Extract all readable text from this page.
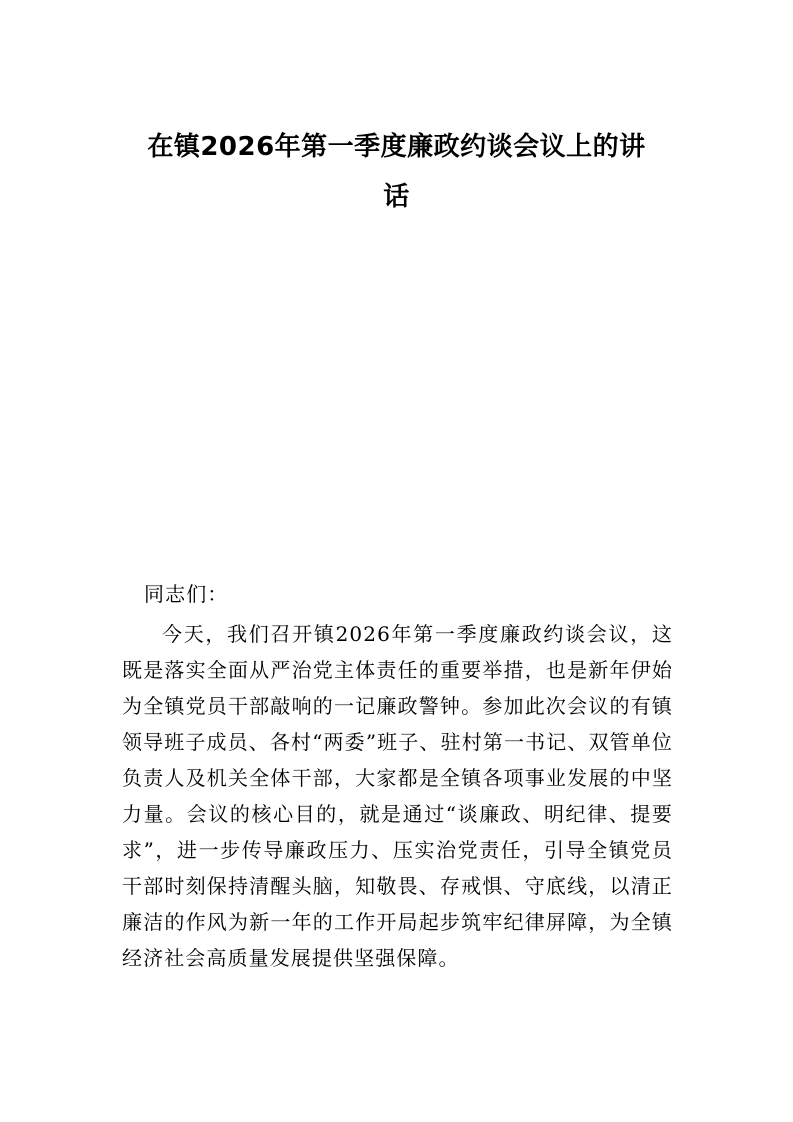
在镇2026年第一季度廉政约谈会议上的讲
话
同志们：

今天，我们召开镇2026年第一季度廉政约谈会议，这既是落实全面从严治党主体责任的重要举措，也是新年伊始为全镇党员干部敲响的一记廉政警钟。参加此次会议的有镇领导班子成员、各村“两委”班子、驻村第一书记、双管单位负责人及机关全体干部，大家都是全镇各项事业发展的中坚力量。会议的核心目的，就是通过“谈廉政、明纪律、提要求”，进一步传导廉政压力、压实治党责任，引导全镇党员干部时刻保持清醒头脑，知敬畏、存戒惧、守底线，以清正廉洁的作风为新一年的工作开局起步筑牢纪律屏障，为全镇经济社会高质量发展提供坚强保障。
